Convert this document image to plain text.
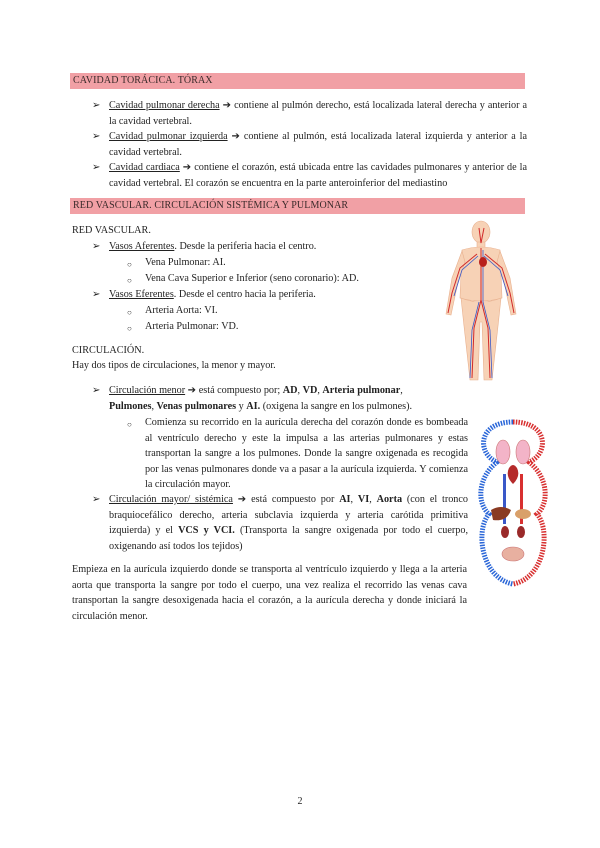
CAVIDAD TORÁCICA. TÓRAX
➢ Cavidad pulmonar derecha ➔ contiene al pulmón derecho, está localizada lateral derecha y anterior a la cavidad vertebral.
➢ Cavidad pulmonar izquierda ➔ contiene al pulmón, está localizada lateral izquierda y anterior a la cavidad vertebral.
➢ Cavidad cardiaca ➔ contiene el corazón, está ubicada entre las cavidades pulmonares y anterior de la cavidad vertebral. El corazón se encuentra en la parte anteroinferior del mediastino
RED VASCULAR. CIRCULACIÓN SISTÉMICA Y PULMONAR
RED VASCULAR.
➢ Vasos Aferentes. Desde la periferia hacia el centro.
○ Vena Pulmonar: AI.
○ Vena Cava Superior e Inferior (seno coronario): AD.
➢ Vasos Eferentes. Desde el centro hacia la periferia.
○ Arteria Aorta: VI.
○ Arteria Pulmonar: VD.
CIRCULACIÓN.
Hay dos tipos de circulaciones, la menor y mayor.
➢ Circulación menor ➔ está compuesto por; AD, VD, Arteria pulmonar, Pulmones, Venas pulmonares y AI. (oxigena la sangre en los pulmones).
○ Comienza su recorrido en la aurícula derecha del corazón donde es bombeada al ventrículo derecho y este la impulsa a las arterias pulmonares y estas transportan la sangre a los pulmones. Donde la sangre oxigenada es recogida por las venas pulmonares donde va a pasar a la aurícula izquierda. Y comienza la circulación mayor.
➢ Circulación mayor/ sistémica ➔ está compuesto por AI, VI, Aorta (con el tronco braquiocefálico derecho, arteria subclavia izquierda y arteria carótida primitiva izquierda) y el VCS y VCI. (Transporta la sangre oxigenada por todo el cuerpo, oxigenando así todos los tejidos)
Empieza en la aurícula izquierdo donde se transporta al ventrículo izquierdo y llega a la arteria aorta que transporta la sangre por todo el cuerpo, una vez realiza el recorrido las venas cava transportan la sangre desoxigenada hacia el corazón, a la aurícula derecha y donde iniciará la circulación menor.
2
